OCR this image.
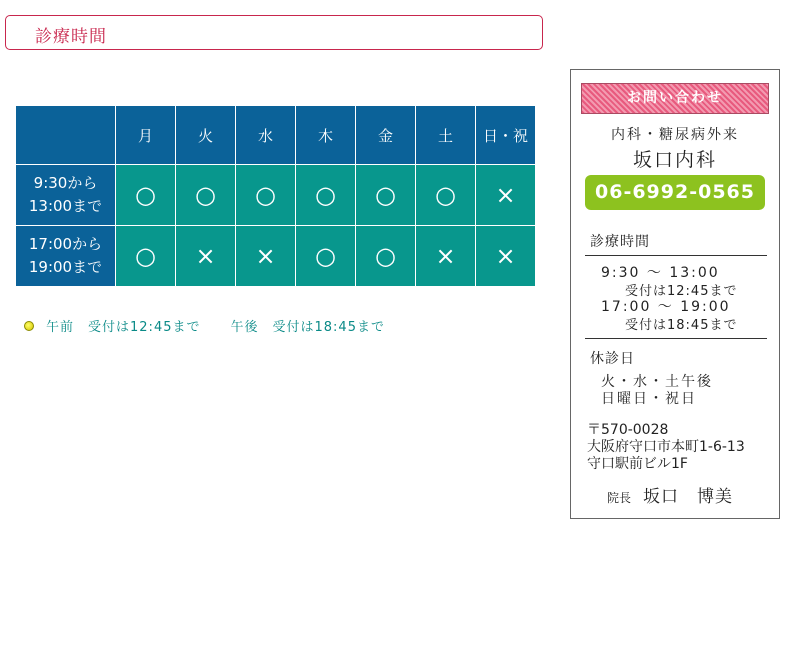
診療時間
	月	火	水	木	金	土	日・祝

9:30から
13:00まで	○	○	○	○	○	○	×

17:00から
19:00まで	○	×	×	○	○	×	×
午前 受付は12:45まで 午後 受付は18:45まで
お問い合わせ
内科・糖尿病外来
坂口内科
06-6992-0565
診療時間
9:30 ～ 13:00
受付は12:45まで
17:00 ～ 19:00
受付は18:45まで
休診日
火・水・土午後
日曜日・祝日
〒570-0028
大阪府守口市本町1-6-13
守口駅前ビル1F
院長 坂口 博美
